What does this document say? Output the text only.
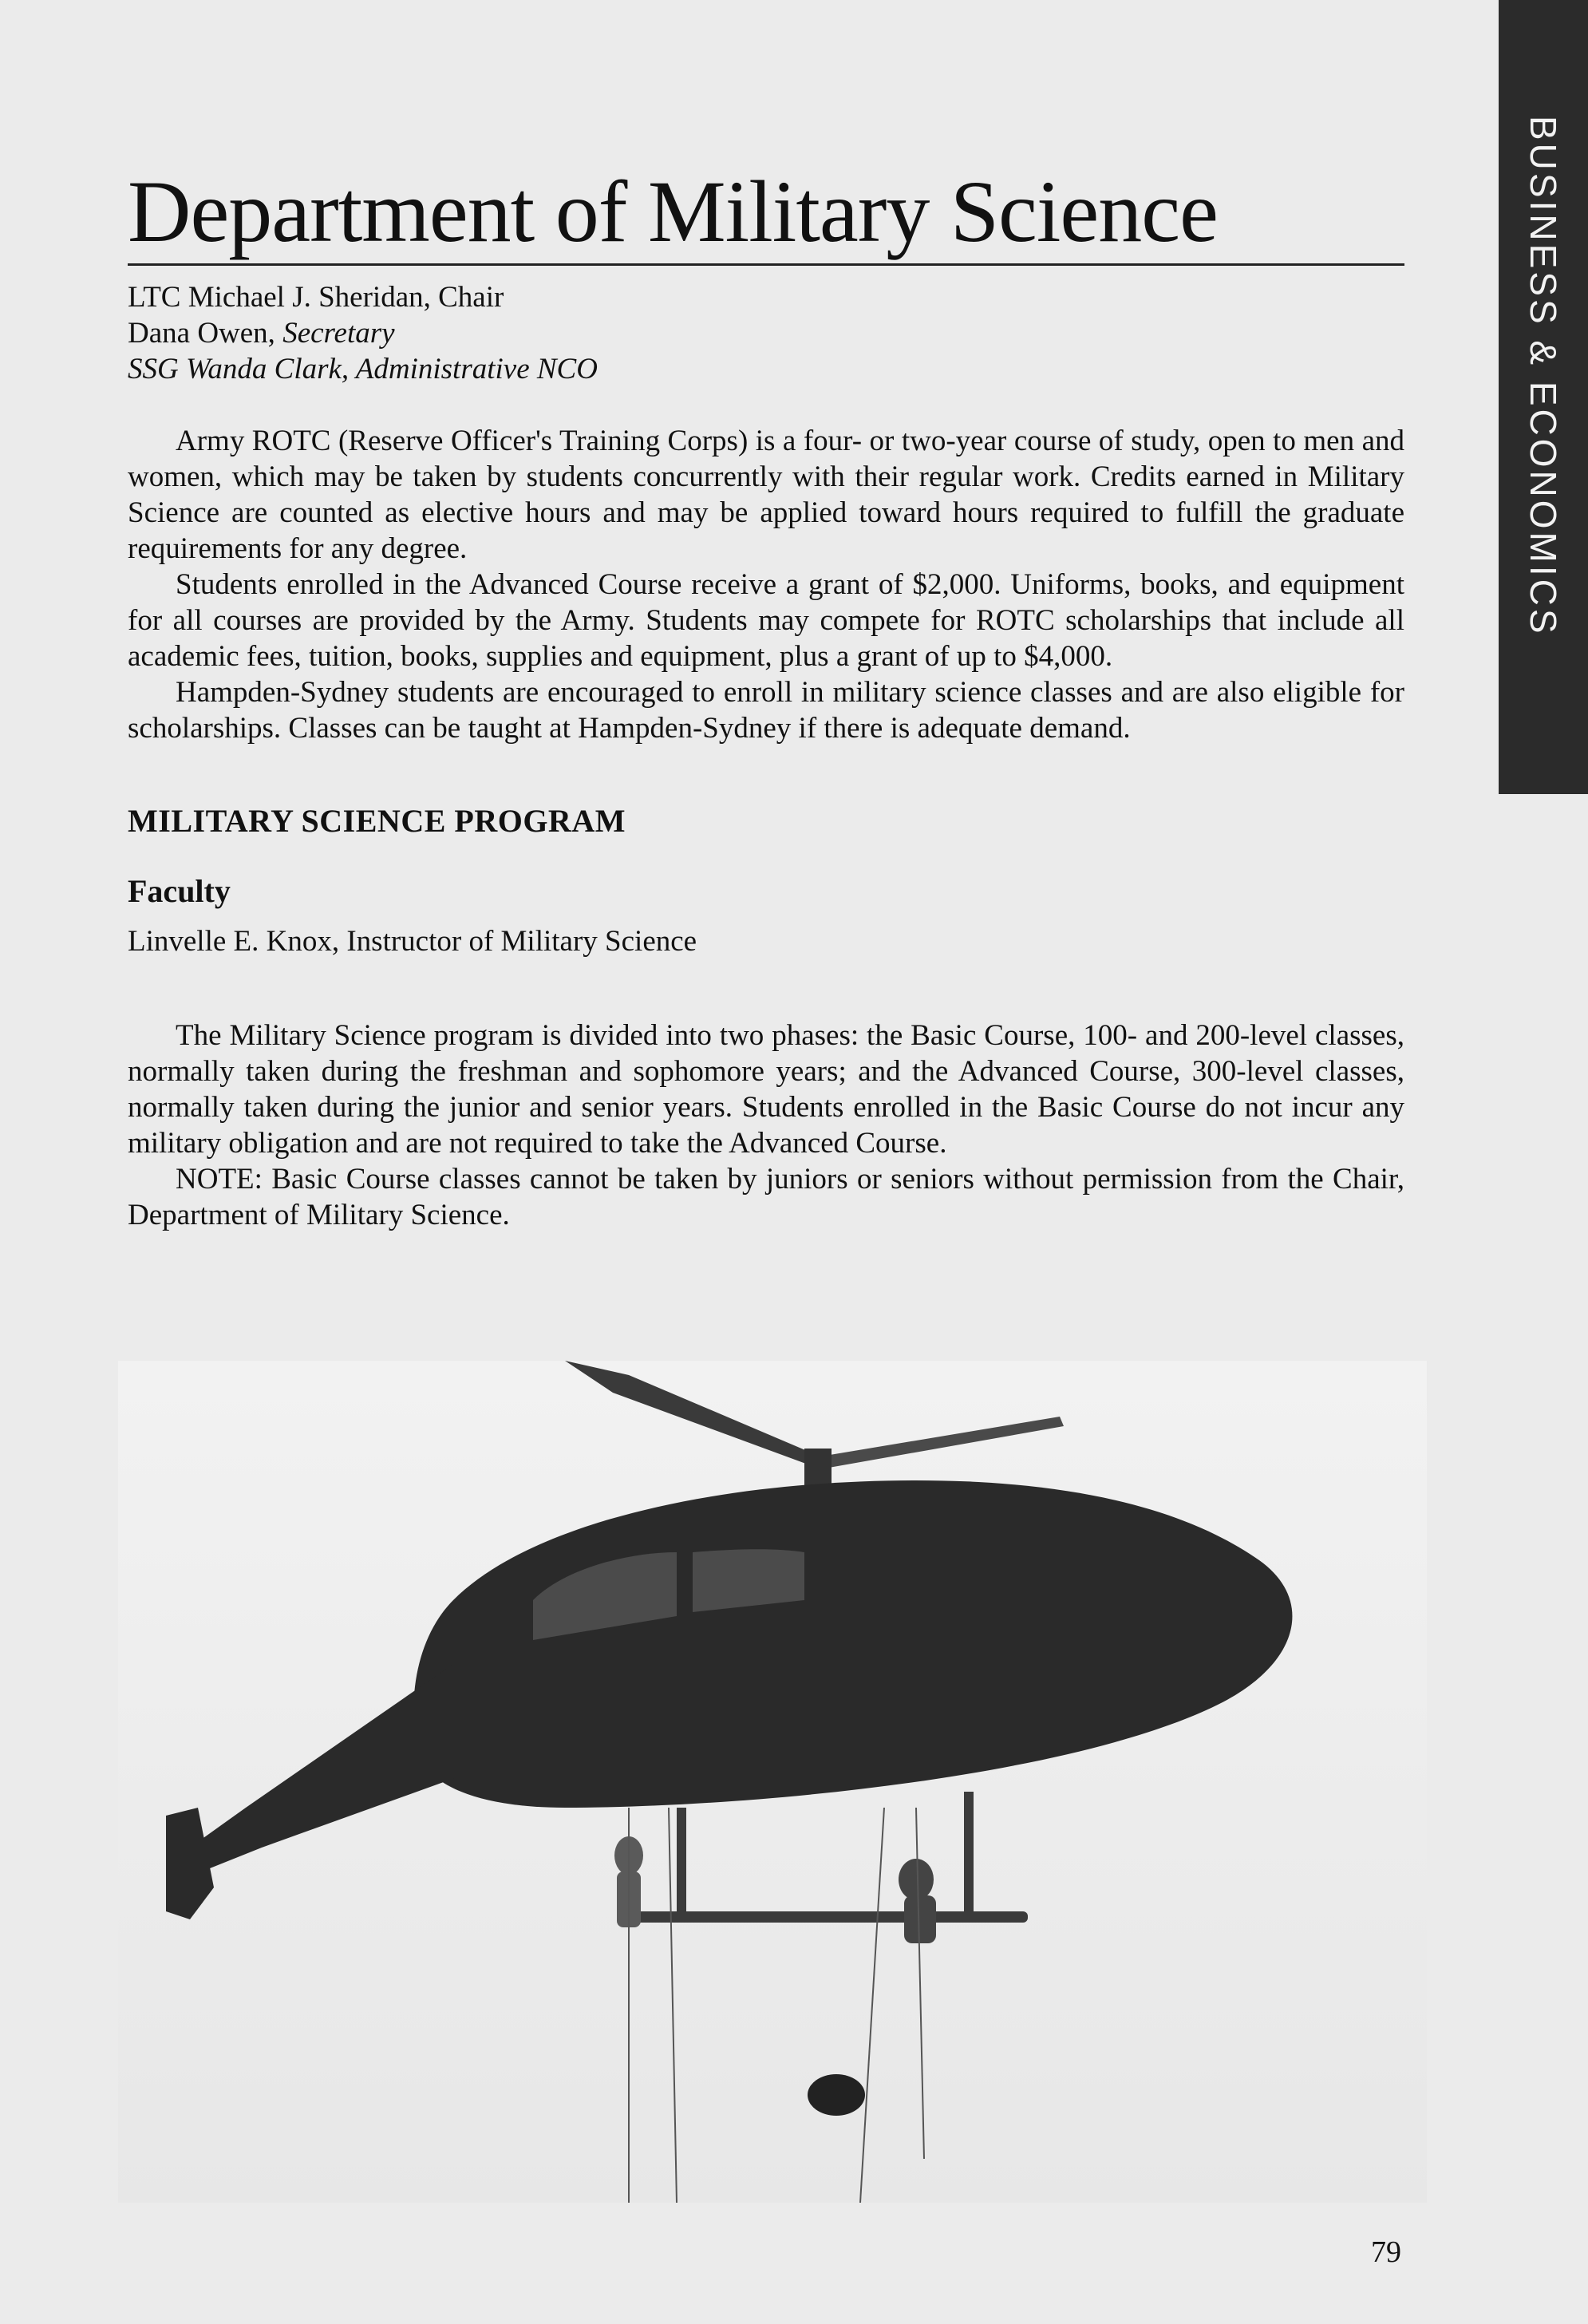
BUSINESS & ECONOMICS
Department of Military Science
LTC Michael J. Sheridan, Chair
Dana Owen, Secretary
SSG Wanda Clark, Administrative NCO

Army ROTC (Reserve Officer's Training Corps) is a four- or two-year course of study, open to men and women, which may be taken by students concurrently with their regular work. Credits earned in Military Science are counted as elective hours and may be applied toward hours required to fulfill the graduate requirements for any degree.

Students enrolled in the Advanced Course receive a grant of $2,000. Uniforms, books, and equipment for all courses are provided by the Army. Students may compete for ROTC scholarships that include all academic fees, tuition, books, supplies and equipment, plus a grant of up to $4,000.

Hampden-Sydney students are encouraged to enroll in military science classes and are also eligible for scholarships. Classes can be taught at Hampden-Sydney if there is adequate demand.

MILITARY SCIENCE PROGRAM
Faculty
Linvelle E. Knox, Instructor of Military Science

The Military Science program is divided into two phases: the Basic Course, 100- and 200-level classes, normally taken during the freshman and sophomore years; and the Advanced Course, 300-level classes, normally taken during the junior and senior years. Students enrolled in the Basic Course do not incur any military obligation and are not required to take the Advanced Course.

NOTE: Basic Course classes cannot be taken by juniors or seniors without permission from the Chair, Department of Military Science.

79
